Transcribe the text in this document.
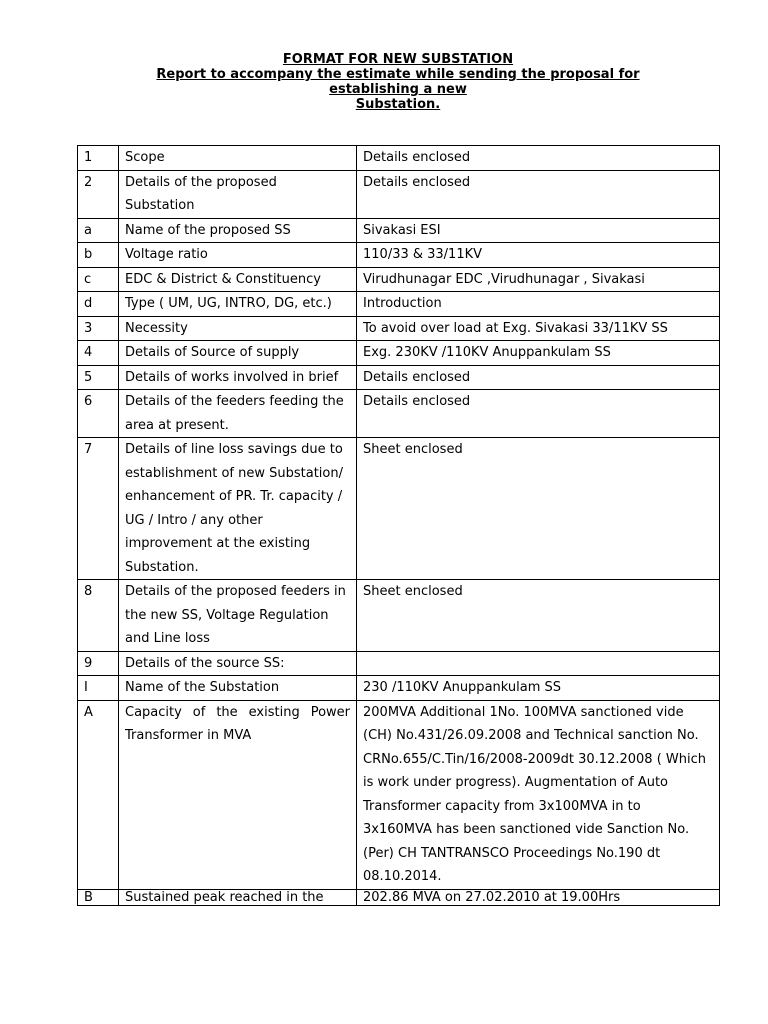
FORMAT FOR NEW SUBSTATION
Report to accompany the estimate while sending the proposal for
establishing a new
Substation.
1	Scope	Details enclosed
2	Details of the proposed Substation	Details enclosed
a	Name of the proposed SS	Sivakasi ESI
b	Voltage ratio	110/33 & 33/11KV
c	EDC & District & Constituency	Virudhunagar EDC ,Virudhunagar , Sivakasi
d	Type ( UM, UG, INTRO, DG, etc.)	Introduction
3	Necessity	To avoid over load at Exg. Sivakasi 33/11KV SS
4	Details of Source of supply	Exg. 230KV /110KV Anuppankulam SS
5	Details of works involved in brief	Details enclosed
6	Details of the feeders feeding the area at present.	Details enclosed
7	Details of line loss savings due to establishment of new Substation/ enhancement of PR. Tr. capacity / UG / Intro / any other improvement at the existing Substation.	Sheet enclosed
8	Details of the proposed feeders in the new SS, Voltage Regulation and Line loss	Sheet enclosed
9	Details of the source SS:	
I	Name of the Substation	230 /110KV Anuppankulam SS
A	Capacity of the existing Power Transformer in MVA	200MVA Additional 1No. 100MVA sanctioned vide (CH) No.431/26.09.2008 and Technical sanction No. CRNo.655/C.Tin/16/2008-2009dt 30.12.2008 ( Which is work under progress). Augmentation of Auto Transformer capacity from 3x100MVA in to 3x160MVA has been sanctioned vide Sanction No.(Per) CH TANTRANSCO Proceedings No.190 dt 08.10.2014.
B	Sustained peak reached in the	202.86 MVA on 27.02.2010 at 19.00Hrs
